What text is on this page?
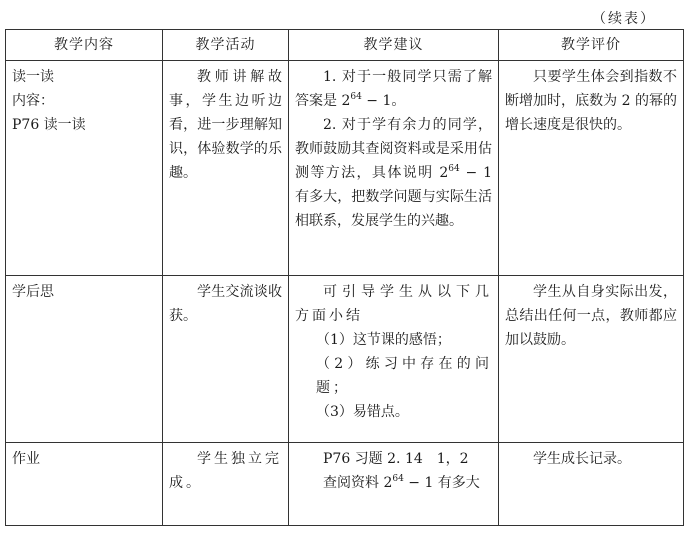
（续表）
教学内容	教学活动	教学建议	教学评价

读一读
内容：
P76 读一读	教师讲解故事，学生边听边看，进一步理解知识，体验数学的乐趣。	1. 对于一般同学只需了解答案是 $2^{64} - 1$。
2. 对于学有余力的同学，教师鼓励其查阅资料或是采用估测等方法，具体说明 $2^{64} - 1$ 有多大，把数学问题与实际生活相联系，发展学生的兴趣。	只要学生体会到指数不断增加时，底数为 2 的幂的增长速度是很快的。

学后思	学生交流谈收获。	可引导学生从以下几方面小结
（1）这节课的感悟；
（2）练习中存在的问题；
（3）易错点。	学生从自身实际出发，总结出任何一点，教师都应加以鼓励。

作业	学生独立完成。	P76 习题 2. 14　1，2
查阅资料 $2^{64} - 1$ 有多大	学生成长记录。
